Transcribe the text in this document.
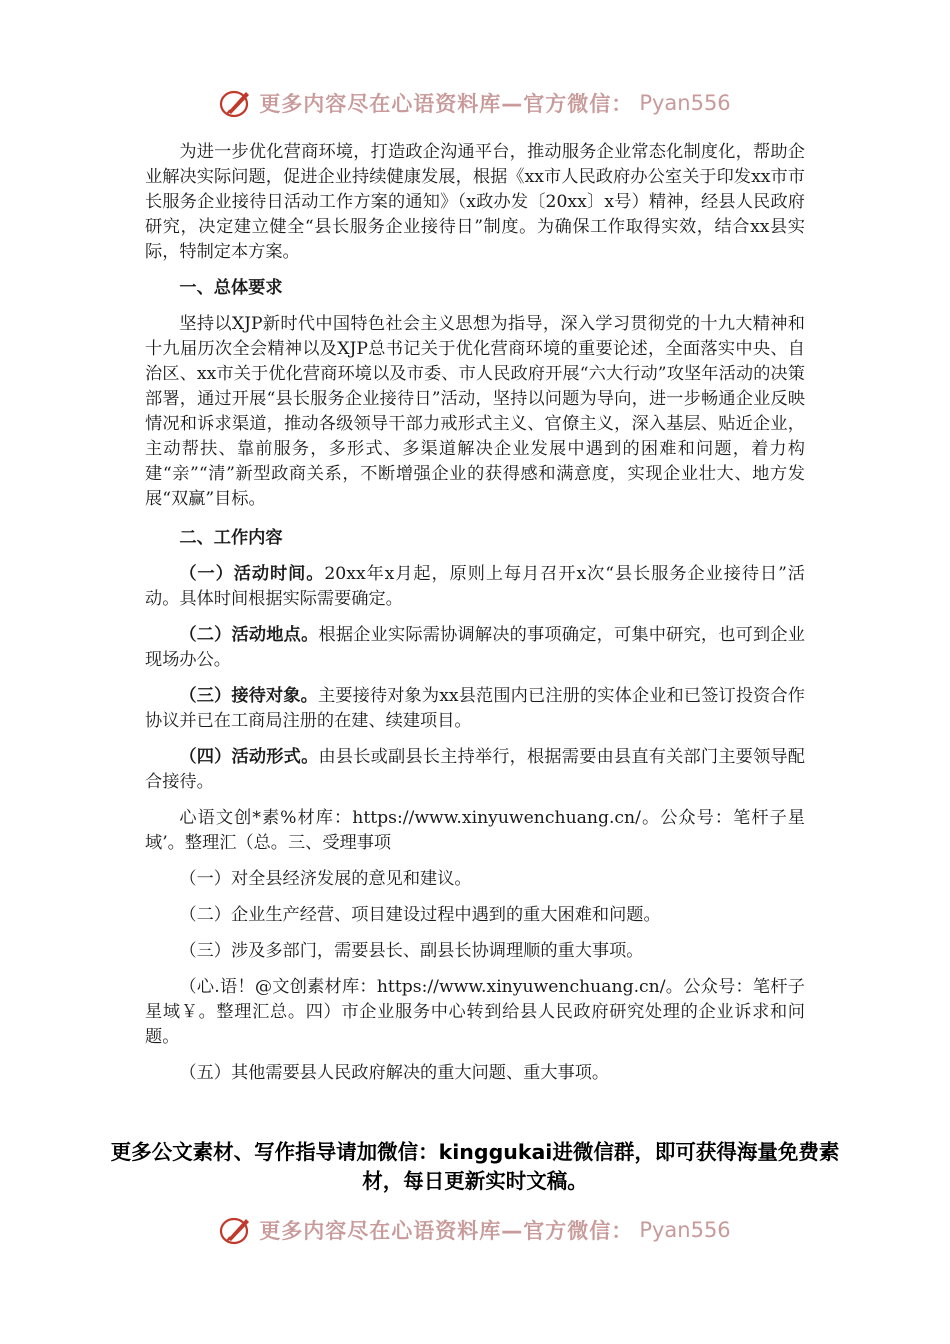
更多内容尽在心语资料库—官方微信： Pyan556

为进一步优化营商环境，打造政企沟通平台，推动服务企业常态化制度化，帮助企业解决实际问题，促进企业持续健康发展，根据《xx市人民政府办公室关于印发xx市市长服务企业接待日活动工作方案的通知》（x政办发〔20xx〕x号）精神，经县人民政府研究，决定建立健全“县长服务企业接待日”制度。为确保工作取得实效，结合xx县实际，特制定本方案。

一、总体要求

坚持以XJP新时代中国特色社会主义思想为指导，深入学习贯彻党的十九大精神和十九届历次全会精神以及XJP总书记关于优化营商环境的重要论述，全面落实中央、自治区、xx市关于优化营商环境以及市委、市人民政府开展“六大行动”攻坚年活动的决策部署，通过开展“县长服务企业接待日”活动，坚持以问题为导向，进一步畅通企业反映情况和诉求渠道，推动各级领导干部力戒形式主义、官僚主义，深入基层、贴近企业，主动帮扶、靠前服务，多形式、多渠道解决企业发展中遇到的困难和问题，着力构建“亲”“清”新型政商关系，不断增强企业的获得感和满意度，实现企业壮大、地方发展“双赢”目标。

二、工作内容

（一）活动时间。20xx年x月起，原则上每月召开x次“县长服务企业接待日”活动。具体时间根据实际需要确定。

（二）活动地点。根据企业实际需协调解决的事项确定，可集中研究，也可到企业现场办公。

（三）接待对象。主要接待对象为xx县范围内已注册的实体企业和已签订投资合作协议并已在工商局注册的在建、续建项目。

（四）活动形式。由县长或副县长主持举行，根据需要由县直有关部门主要领导配合接待。

心语文创*素%材库：https://www.xinyuwenchuang.cn/。公众号：笔杆子星域’。整理汇（总。三、受理事项

（一）对全县经济发展的意见和建议。

（二）企业生产经营、项目建设过程中遇到的重大困难和问题。

（三）涉及多部门，需要县长、副县长协调理顺的重大事项。

（心.语！@文创素材库：https://www.xinyuwenchuang.cn/。公众号：笔杆子星域￥。整理汇总。四）市企业服务中心转到给县人民政府研究处理的企业诉求和问题。

（五）其他需要县人民政府解决的重大问题、重大事项。

更多公文素材、写作指导请加微信：kinggukai进微信群，即可获得海量免费素材，每日更新实时文稿。
更多内容尽在心语资料库—官方微信： Pyan556
